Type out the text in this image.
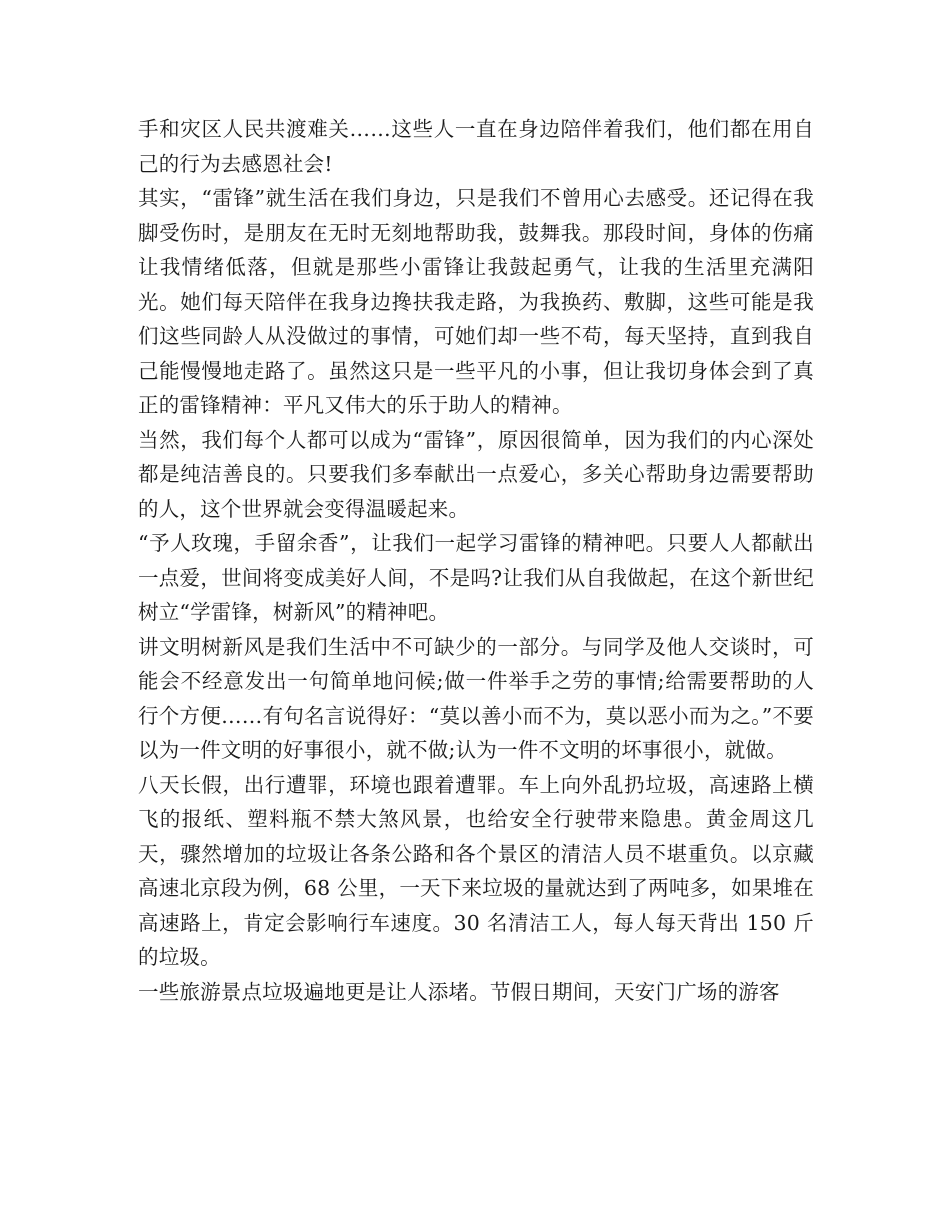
手和灾区人民共渡难关……这些人一直在身边陪伴着我们，他们都在用自己的行为去感恩社会!

其实，“雷锋”就生活在我们身边，只是我们不曾用心去感受。还记得在我脚受伤时，是朋友在无时无刻地帮助我，鼓舞我。那段时间，身体的伤痛让我情绪低落，但就是那些小雷锋让我鼓起勇气，让我的生活里充满阳光。她们每天陪伴在我身边搀扶我走路，为我换药、敷脚，这些可能是我们这些同龄人从没做过的事情，可她们却一些不苟，每天坚持，直到我自己能慢慢地走路了。虽然这只是一些平凡的小事，但让我切身体会到了真正的雷锋精神：平凡又伟大的乐于助人的精神。

当然，我们每个人都可以成为“雷锋”，原因很简单，因为我们的内心深处都是纯洁善良的。只要我们多奉献出一点爱心，多关心帮助身边需要帮助的人，这个世界就会变得温暖起来。

“予人玫瑰，手留余香”，让我们一起学习雷锋的精神吧。只要人人都献出一点爱，世间将变成美好人间，不是吗?让我们从自我做起，在这个新世纪树立“学雷锋，树新风”的精神吧。

讲文明树新风是我们生活中不可缺少的一部分。与同学及他人交谈时，可能会不经意发出一句简单地问候;做一件举手之劳的事情;给需要帮助的人行个方便……有句名言说得好：“莫以善小而不为，莫以恶小而为之。”不要以为一件文明的好事很小，就不做;认为一件不文明的坏事很小，就做。

八天长假，出行遭罪，环境也跟着遭罪。车上向外乱扔垃圾，高速路上横飞的报纸、塑料瓶不禁大煞风景，也给安全行驶带来隐患。黄金周这几天，骤然增加的垃圾让各条公路和各个景区的清洁人员不堪重负。以京藏高速北京段为例，68 公里，一天下来垃圾的量就达到了两吨多，如果堆在高速路上，肯定会影响行车速度。30 名清洁工人，每人每天背出 150 斤的垃圾。

一些旅游景点垃圾遍地更是让人添堵。节假日期间，天安门广场的游客
